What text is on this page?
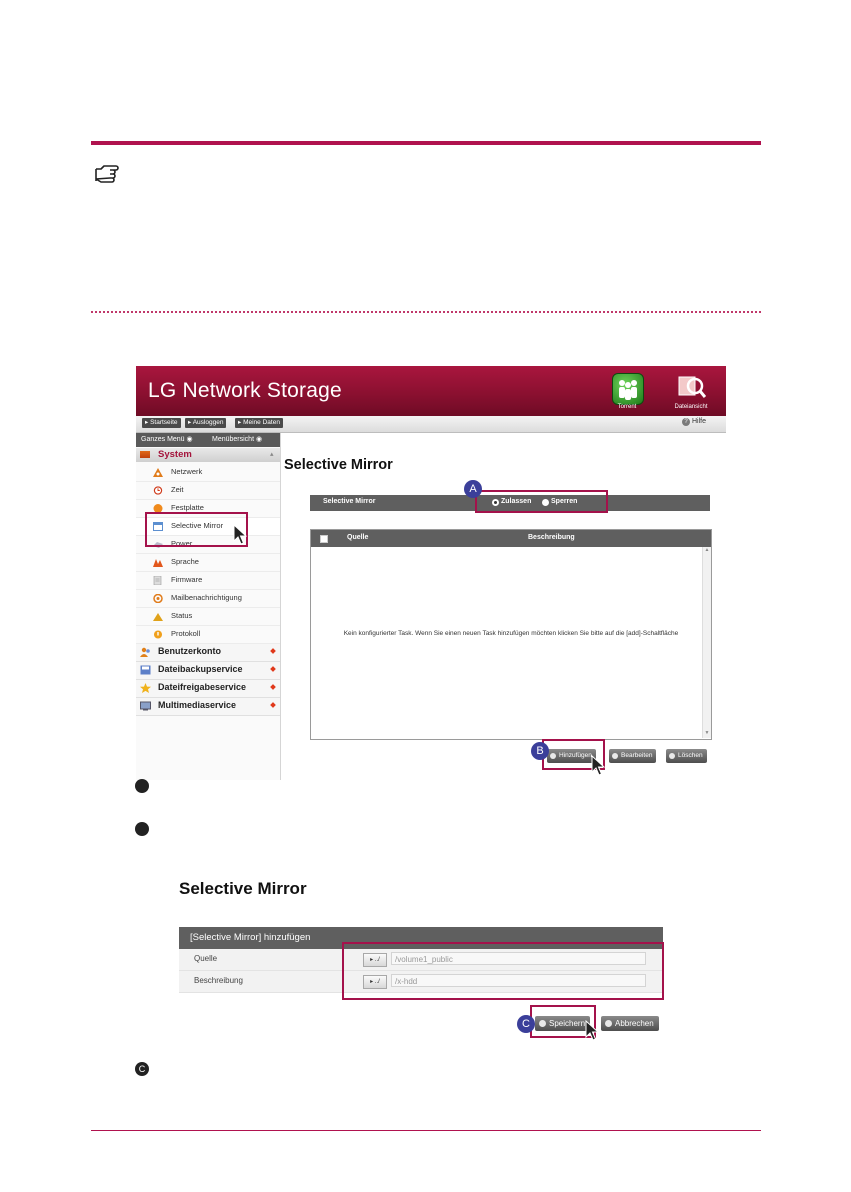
LG Network Storage
Torrent	Dateiansicht
▸ Startseite	▸ Ausloggen	▸ Meine Daten	? Hilfe
Ganzes Menü ◉	Menübersicht ◉
System	▴
Netzwerk
Zeit
Festplatte
Selective Mirror
Power
Sprache
Firmware
Mailbenachrichtigung
Status
Protokoll
Benutzerkonto
Dateibackupservice
Dateifreigabeservice
Multimediaservice
Selective Mirror
Selective Mirror	Zulassen	Sperren
Quelle	Beschreibung
Kein konfigurierter Task. Wenn Sie einen neuen Task hinzufügen möchten klicken Sie bitte auf die [add]-Schaltfläche
▲
▼
Hinzufügen	Bearbeiten	Löschen
A
B
Selective Mirror
[Selective Mirror] hinzufügen
Quelle	▸ ../	/volume1_public
Beschreibung	▸ ../	/x-hdd
Speichern	Abbrechen
C
C
